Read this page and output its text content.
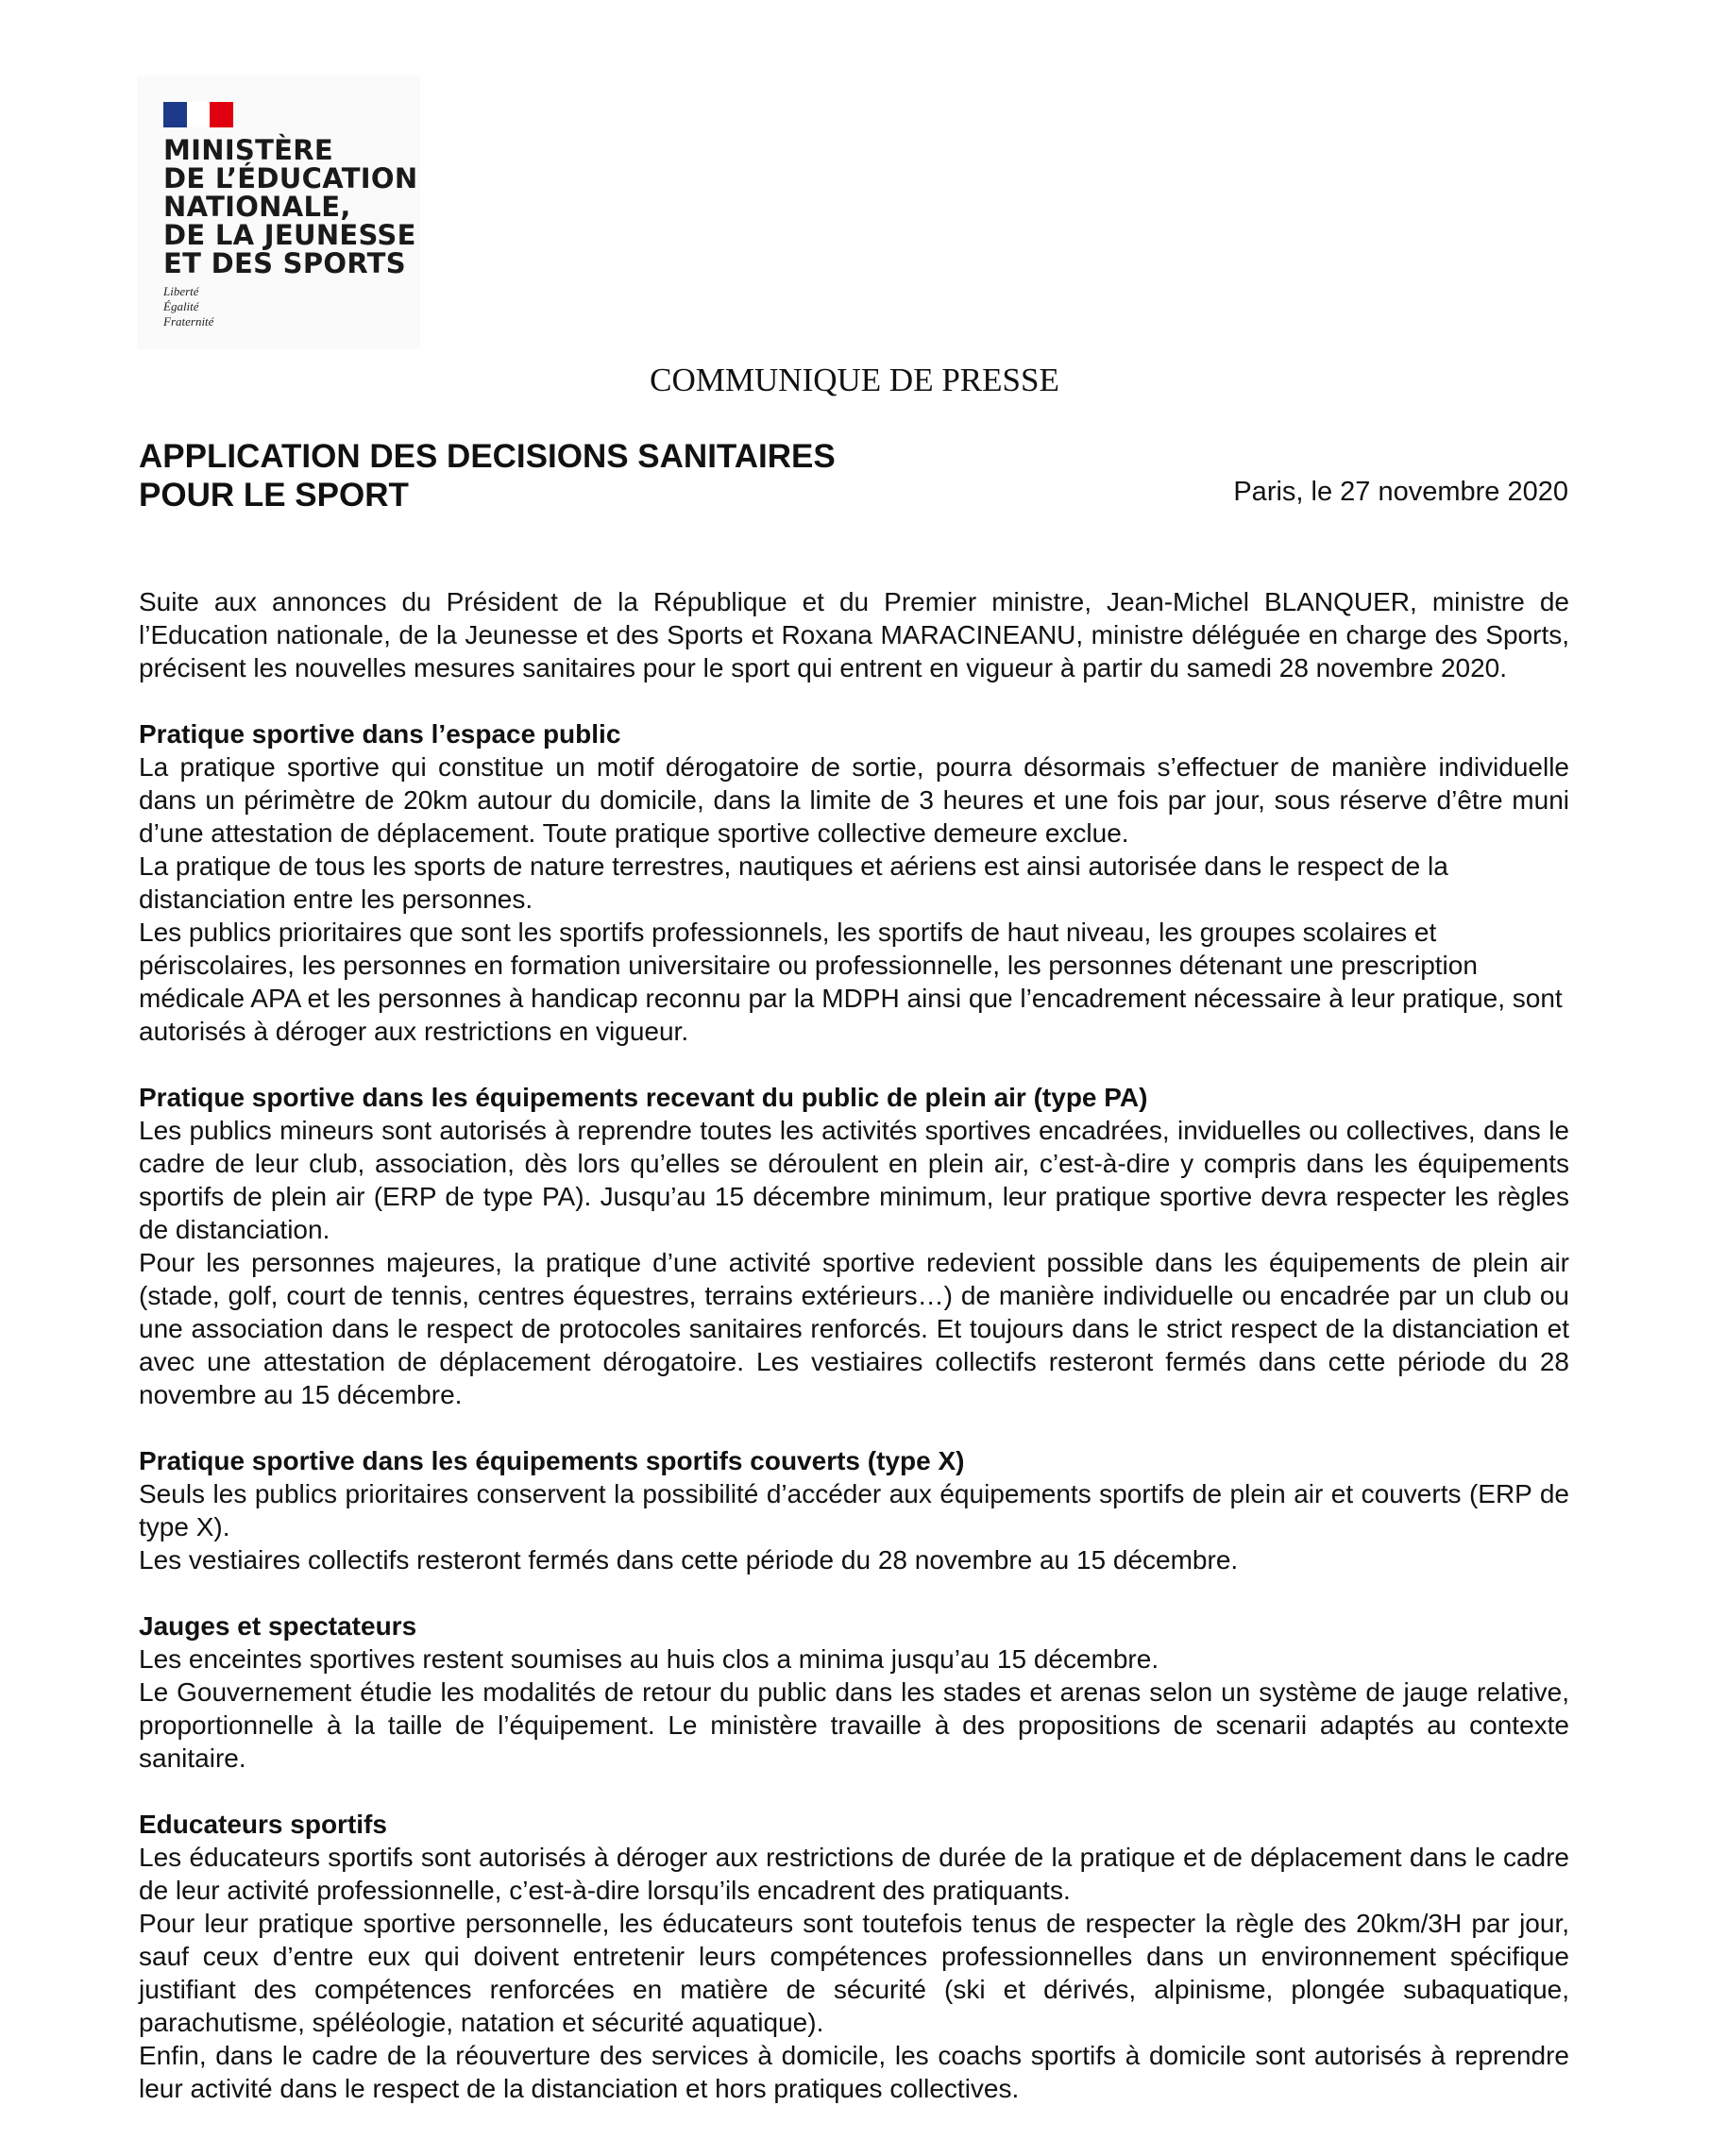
MINISTÈRE
DE L’ÉDUCATION
NATIONALE,
DE LA JEUNESSE
ET DES SPORTS
Liberté
Égalité
Fraternité
COMMUNIQUE DE PRESSE
APPLICATION DES DECISIONS SANITAIRES
POUR LE SPORT	Paris, le 27 novembre 2020

Suite aux annonces du Président de la République et du Premier ministre, Jean-Michel BLANQUER, ministre de l’Education nationale, de la Jeunesse et des Sports et Roxana MARACINEANU, ministre déléguée en charge des Sports, précisent les nouvelles mesures sanitaires pour le sport qui entrent en vigueur à partir du samedi 28 novembre 2020.

Pratique sportive dans l’espace public

La pratique sportive qui constitue un motif dérogatoire de sortie, pourra désormais s’effectuer de manière individuelle dans un périmètre de 20km autour du domicile, dans la limite de 3 heures et une fois par jour, sous réserve d’être muni d’une attestation de déplacement. Toute pratique sportive collective demeure exclue.

La pratique de tous les sports de nature terrestres, nautiques et aériens est ainsi autorisée dans le respect de la distanciation entre les personnes.

Les publics prioritaires que sont les sportifs professionnels, les sportifs de haut niveau, les groupes scolaires et périscolaires, les personnes en formation universitaire ou professionnelle, les personnes détenant une prescription médicale APA et les personnes à handicap reconnu par la MDPH ainsi que l’encadrement nécessaire à leur pratique, sont autorisés à déroger aux restrictions en vigueur.

Pratique sportive dans les équipements recevant du public de plein air (type PA)

Les publics mineurs sont autorisés à reprendre toutes les activités sportives encadrées, inviduelles ou collectives, dans le cadre de leur club, association, dès lors qu’elles se déroulent en plein air, c’est-à-dire y compris dans les équipements sportifs de plein air (ERP de type PA). Jusqu’au 15 décembre minimum, leur pratique sportive devra respecter les règles de distanciation.

Pour les personnes majeures, la pratique d’une activité sportive redevient possible dans les équipements de plein air (stade, golf, court de tennis, centres équestres, terrains extérieurs…) de manière individuelle ou encadrée par un club ou une association dans le respect de protocoles sanitaires renforcés. Et toujours dans le strict respect de la distanciation et avec une attestation de déplacement dérogatoire. Les vestiaires collectifs resteront fermés dans cette période du 28 novembre au 15 décembre.

Pratique sportive dans les équipements sportifs couverts (type X)

Seuls les publics prioritaires conservent la possibilité d’accéder aux équipements sportifs de plein air et couverts (ERP de type X).

Les vestiaires collectifs resteront fermés dans cette période du 28 novembre au 15 décembre.

Jauges et spectateurs

Les enceintes sportives restent soumises au huis clos a minima jusqu’au 15 décembre.

Le Gouvernement étudie les modalités de retour du public dans les stades et arenas selon un système de jauge relative, proportionnelle à la taille de l’équipement. Le ministère travaille à des propositions de scenarii adaptés au contexte sanitaire.

Educateurs sportifs

Les éducateurs sportifs sont autorisés à déroger aux restrictions de durée de la pratique et de déplacement dans le cadre de leur activité professionnelle, c’est-à-dire lorsqu’ils encadrent des pratiquants.

Pour leur pratique sportive personnelle, les éducateurs sont toutefois tenus de respecter la règle des 20km/3H par jour, sauf ceux d’entre eux qui doivent entretenir leurs compétences professionnelles dans un environnement spécifique justifiant des compétences renforcées en matière de sécurité (ski et dérivés, alpinisme, plongée subaquatique, parachutisme, spéléologie, natation et sécurité aquatique).

Enfin, dans le cadre de la réouverture des services à domicile, les coachs sportifs à domicile sont autorisés à reprendre leur activité dans le respect de la distanciation et hors pratiques collectives.
